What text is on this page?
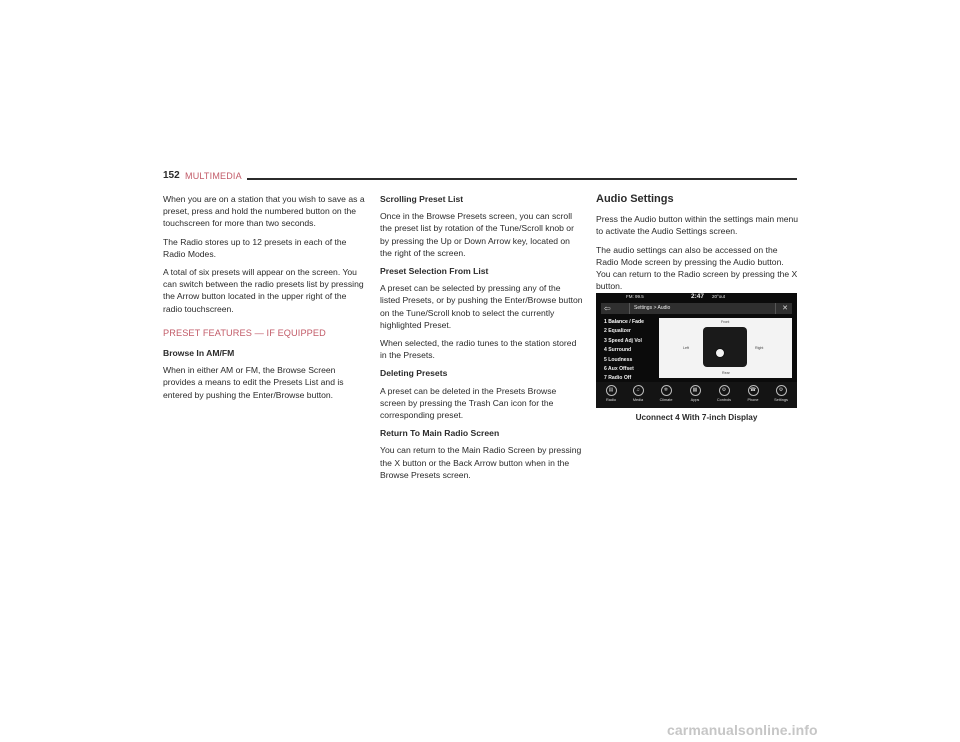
152 MULTIMEDIA

When you are on a station that you wish to save as a preset, press and hold the numbered button on the touchscreen for more than two seconds.

The Radio stores up to 12 presets in each of the Radio Modes.

A total of six presets will appear on the screen. You can switch between the radio presets list by pressing the Arrow button located in the upper right of the radio touchscreen.

PRESET FEATURES — IF EQUIPPED
Browse In AM/FM

When in either AM or FM, the Browse Screen provides a means to edit the Presets List and is entered by pushing the Enter/Browse button.

Scrolling Preset List

Once in the Browse Presets screen, you can scroll the preset list by rotation of the Tune/Scroll knob or by pressing the Up or Down Arrow key, located on the right of the screen.

Preset Selection From List

A preset can be selected by pressing any of the listed Presets, or by pushing the Enter/Browse button on the Tune/Scroll knob to select the currently highlighted Preset.

When selected, the radio tunes to the station stored in the Presets.

Deleting Presets

A preset can be deleted in the Presets Browse screen by pressing the Trash Can icon for the corresponding preset.

Return To Main Radio Screen

You can return to the Main Radio Screen by pressing the X button or the Back Arrow button when in the Browse Presets screen.

Audio Settings

Press the Audio button within the settings main menu to activate the Audio Settings screen.

The audio settings can also be accessed on the Radio Mode screen by pressing the Audio button. You can return to the Radio screen by pressing the X button.

FM: 99.5	2:47 20°out
⇦	Settings > Audio	✕
1 Balance / Fade
2 Equalizer
3 Speed Adj Vol
4 Surround
5 Loudness
6 Aux Offset
7 Radio Off
Front
Rear
Left	Right
▤
Radio
♫
Media
❄
Climate
▦
Apps
⚙
Controls
☎
Phone
⚙
Settings
Uconnect 4 With 7-inch Display
carmanualsonline.info
